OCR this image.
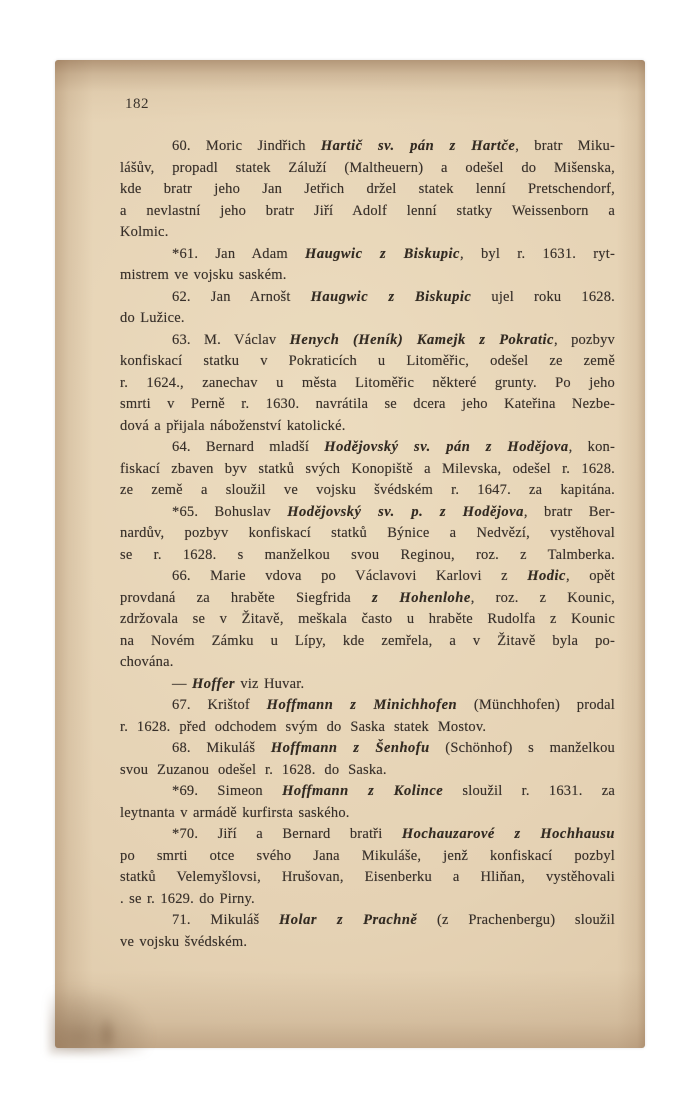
182
60. Moric Jindřich Hartič sv. pán z Hartče, bratr Miku-
lášův, propadl statek Záluží (Maltheuern) a odešel do Mišenska,
kde bratr jeho Jan Jetřich držel statek lenní Pretschendorf,
a nevlastní jeho bratr Jiří Adolf lenní statky Weissenborn a
Kolmic.
*61. Jan Adam Haugwic z Biskupic, byl r. 1631. ryt-
mistrem ve vojsku saském.
62. Jan Arnošt Haugwic z Biskupic ujel roku 1628.
do Lužice.
63. M. Václav Henych (Heník) Kamejk z Pokratic, pozbyv
konfiskací statku v Pokraticích u Litoměřic, odešel ze země
r. 1624., zanechav u města Litoměřic některé grunty. Po jeho
smrti v Perně r. 1630. navrátila se dcera jeho Kateřina Nezbe-
dová a přijala náboženství katolické.
64. Bernard mladší Hodějovský sv. pán z Hodějova, kon-
fiskací zbaven byv statků svých Konopiště a Milevska, odešel r. 1628.
ze země a sloužil ve vojsku švédském r. 1647. za kapitána.
*65. Bohuslav Hodějovský sv. p. z Hodějova, bratr Ber-
nardův, pozbyv konfiskací statků Býnice a Nedvězí, vystěhoval
se r. 1628. s manželkou svou Reginou, roz. z Talmberka.
66. Marie vdova po Václavovi Karlovi z Hodic, opět
provdaná za hraběte Siegfrida z Hohenlohe, roz. z Kounic,
zdržovala se v Žitavě, meškala často u hraběte Rudolfa z Kounic
na Novém Zámku u Lípy, kde zemřela, a v Žitavě byla po-
chována.
— Hoffer viz Huvar.
67. Krištof Hoffmann z Minichhofen (Münchhofen) prodal
r. 1628. před odchodem svým do Saska statek Mostov.
68. Mikuláš Hoffmann z Šenhofu (Schönhof) s manželkou
svou Zuzanou odešel r. 1628. do Saska.
*69. Simeon Hoffmann z Kolince sloužil r. 1631. za
leytnanta v armádě kurfirsta saského.
*70. Jiří a Bernard bratři Hochauzarové z Hochhausu
po smrti otce svého Jana Mikuláše, jenž konfiskací pozbyl
statků Velemyšlovsi, Hrušovan, Eisenberku a Hliňan, vystěhovali
. se r. 1629. do Pirny.
71. Mikuláš Holar z Prachně (z Prachenbergu) sloužil
ve vojsku švédském.
